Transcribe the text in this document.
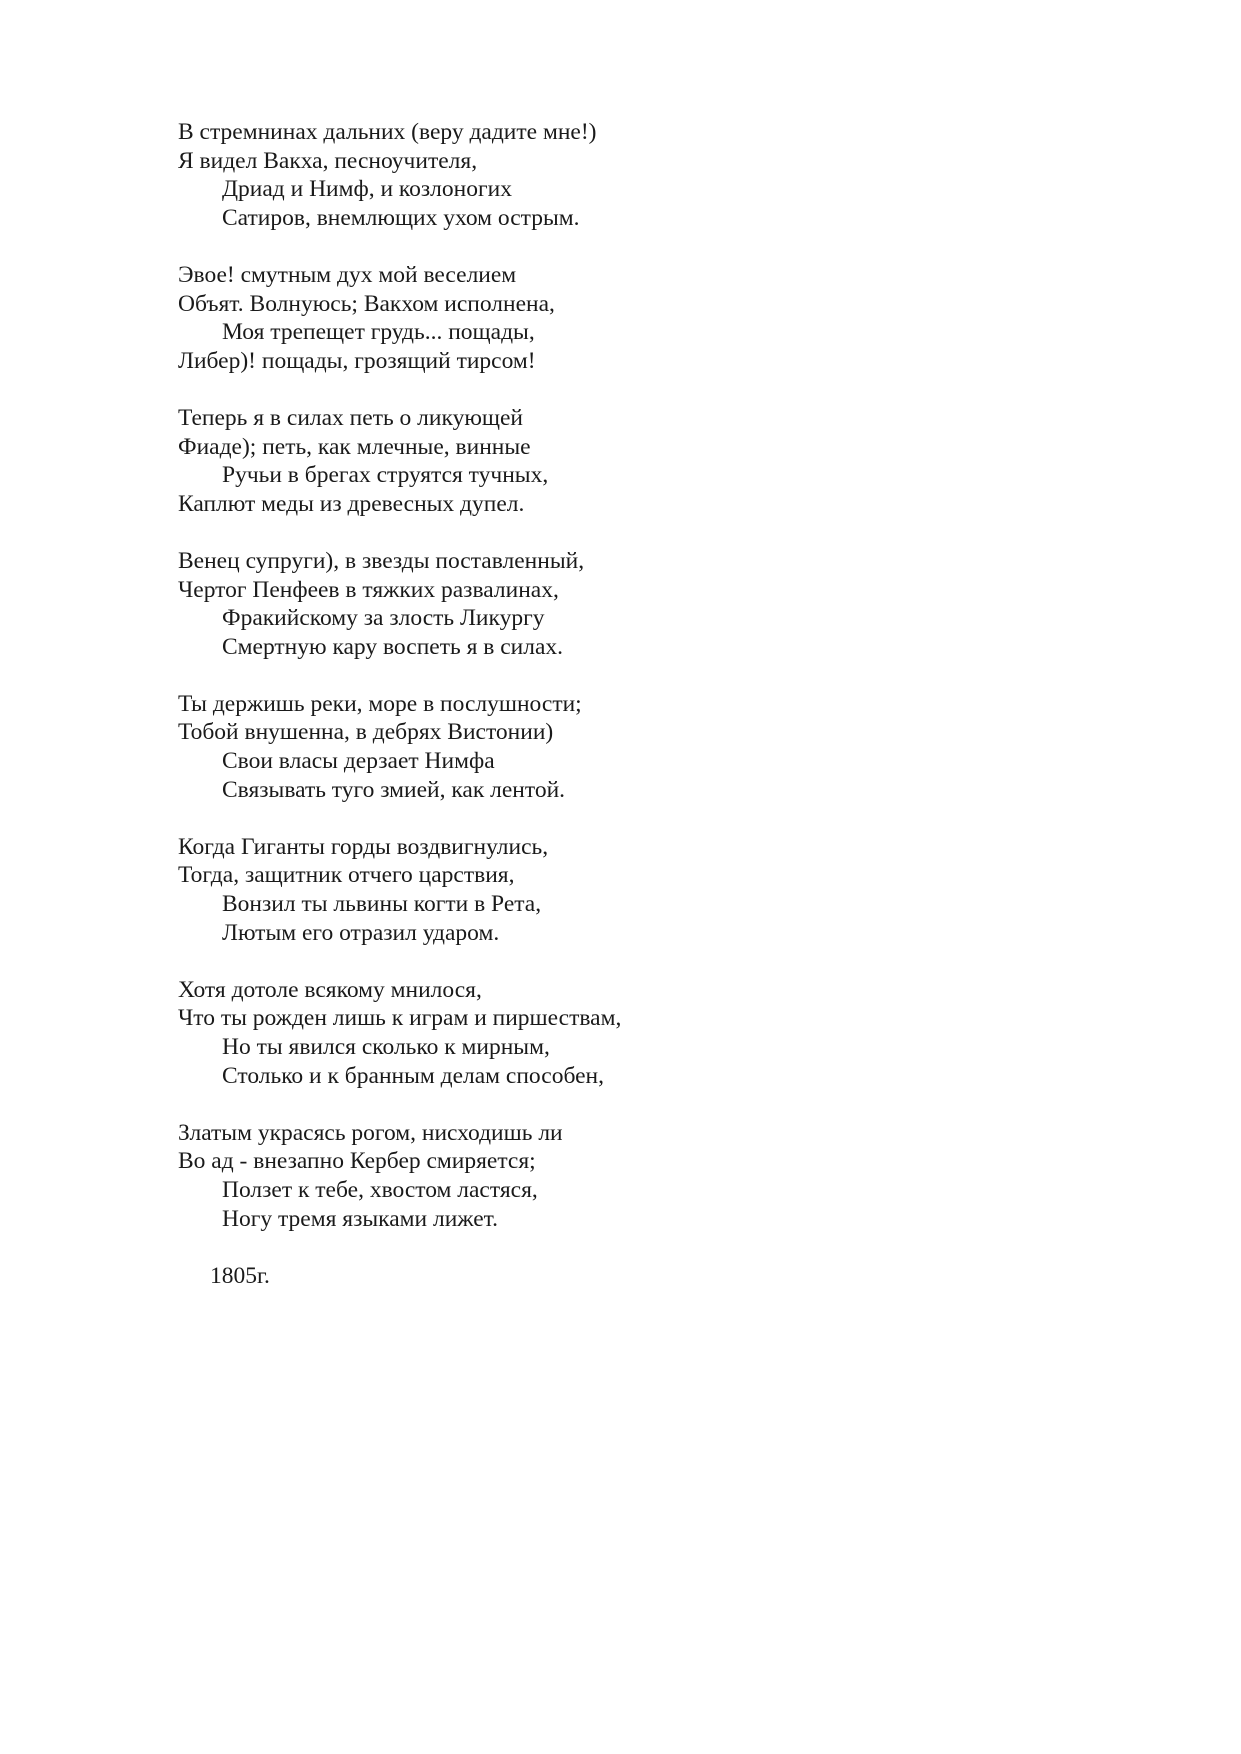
В стремнинах дальних (веру дадите мне!)
Я видел Вакха, песноучителя,
Дриад и Нимф, и козлоногих
Сатиров, внемлющих ухом острым.
Эвое! смутным дух мой веселием
Объят. Волнуюсь; Вакхом исполнена,
Моя трепещет грудь... пощады,
Либер)! пощады, грозящий тирсом!
Теперь я в силах петь о ликующей
Фиаде); петь, как млечные, винные
Ручьи в брегах струятся тучных,
Каплют меды из древесных дупел.
Венец супруги), в звезды поставленный,
Чертог Пенфеев в тяжких развалинах,
Фракийскому за злость Ликургу
Смертную кару воспеть я в силах.
Ты держишь реки, море в послушности;
Тобой внушенна, в дебрях Вистонии)
Свои власы дерзает Нимфа
Связывать туго змией, как лентой.
Когда Гиганты горды воздвигнулись,
Тогда, защитник отчего царствия,
Вонзил ты львины когти в Рета,
Лютым его отразил ударом.
Хотя дотоле всякому мнилося,
Что ты рожден лишь к играм и пиршествам,
Но ты явился сколько к мирным,
Столько и к бранным делам способен,
Златым украсясь рогом, нисходишь ли
Во ад - внезапно Кербер смиряется;
Ползет к тебе, хвостом ластяся,
Ногу тремя языками лижет.
1805г.
